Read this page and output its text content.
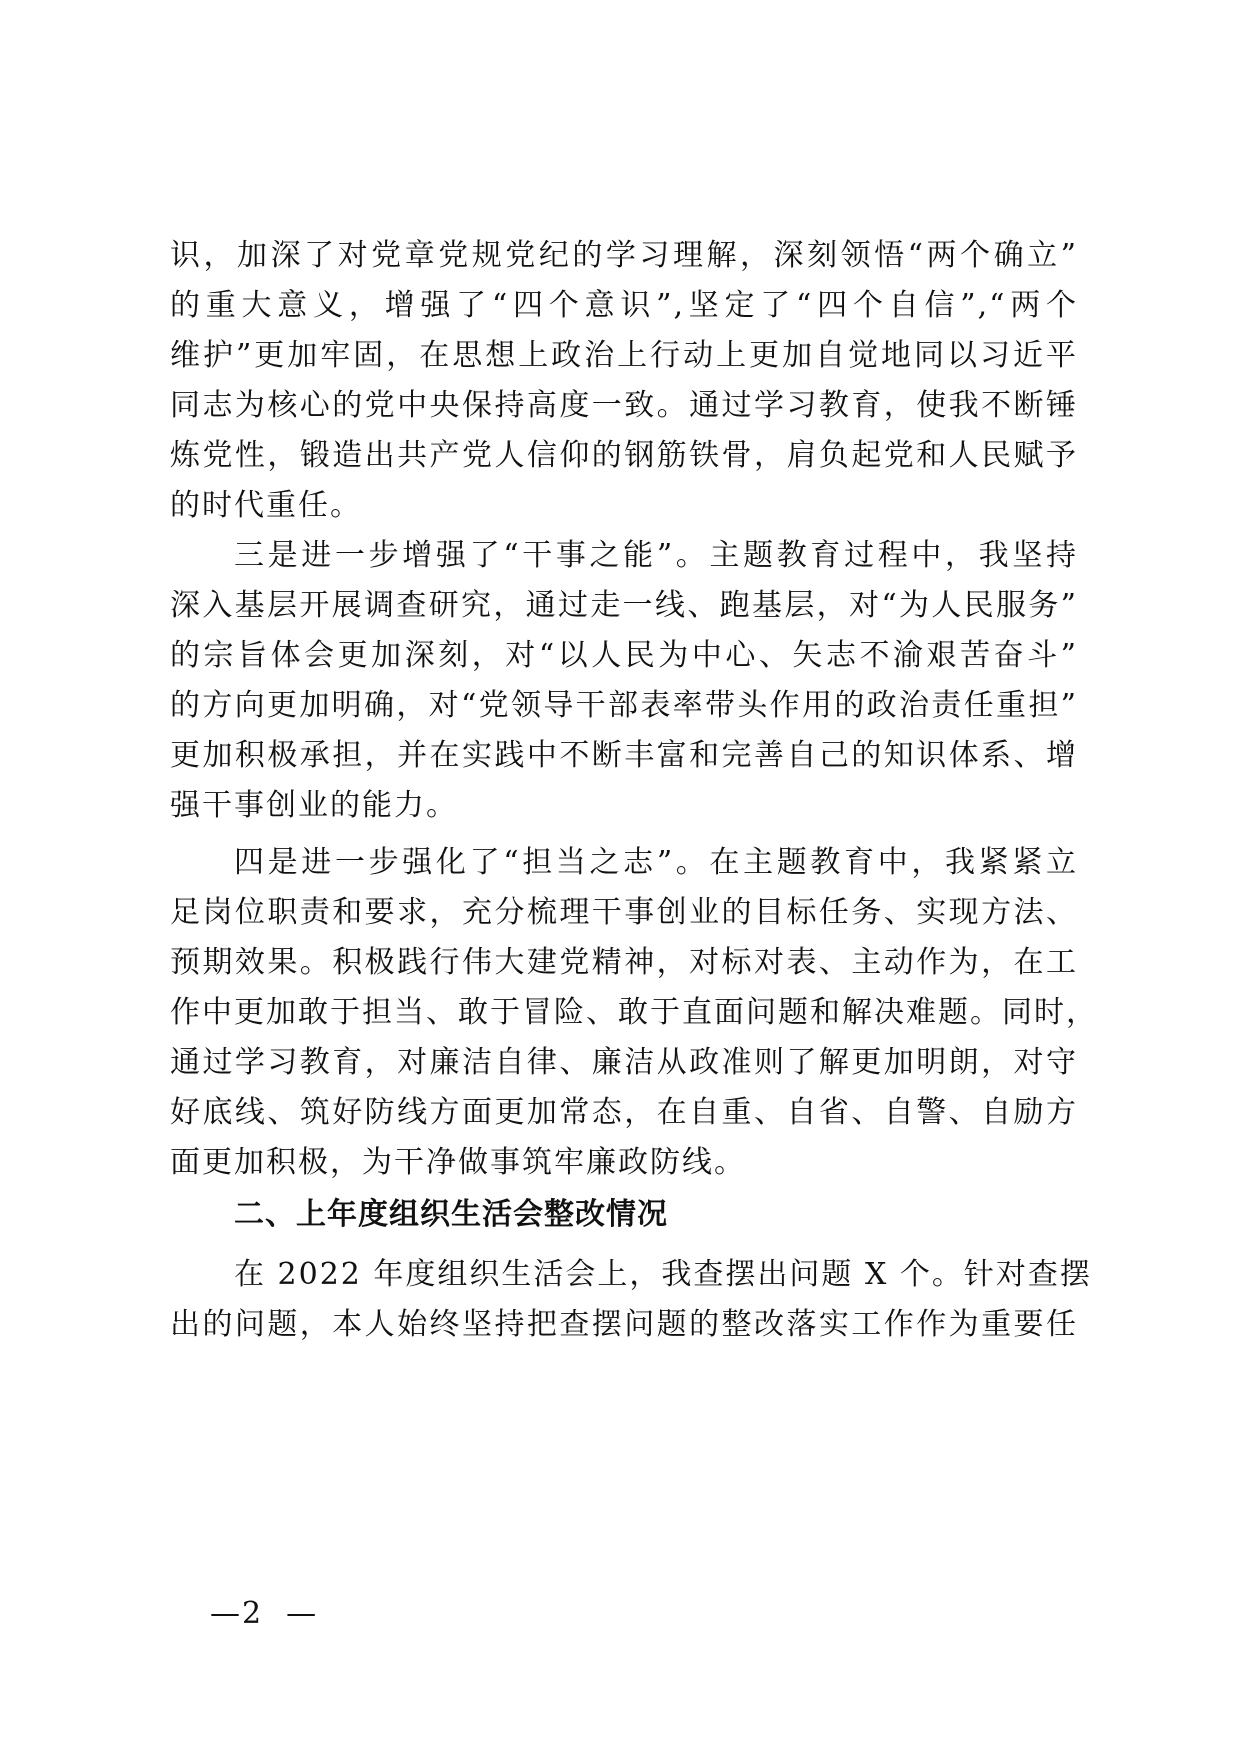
识，加深了对党章党规党纪的学习理解，深刻领悟“两个确立”
的重大意义，增强了“四个意识”,坚定了“四个自信”,“两个
维护”更加牢固，在思想上政治上行动上更加自觉地同以习近平
同志为核心的党中央保持高度一致。通过学习教育，使我不断锤
炼党性，锻造出共产党人信仰的钢筋铁骨，肩负起党和人民赋予
的时代重任。
三是进一步增强了“干事之能”。主题教育过程中，我坚持
深入基层开展调查研究，通过走一线、跑基层，对“为人民服务”
的宗旨体会更加深刻，对“以人民为中心、矢志不渝艰苦奋斗”
的方向更加明确，对“党领导干部表率带头作用的政治责任重担”
更加积极承担，并在实践中不断丰富和完善自己的知识体系、增
强干事创业的能力。
四是进一步强化了“担当之志”。在主题教育中，我紧紧立
足岗位职责和要求，充分梳理干事创业的目标任务、实现方法、
预期效果。积极践行伟大建党精神，对标对表、主动作为，在工
作中更加敢于担当、敢于冒险、敢于直面问题和解决难题。同时，
通过学习教育，对廉洁自律、廉洁从政准则了解更加明朗，对守
好底线、筑好防线方面更加常态，在自重、自省、自警、自励方
面更加积极，为干净做事筑牢廉政防线。
二、上年度组织生活会整改情况
在 2022 年度组织生活会上，我查摆出问题 X 个。针对查摆
出的问题，本人始终坚持把查摆问题的整改落实工作作为重要任
—2  —
